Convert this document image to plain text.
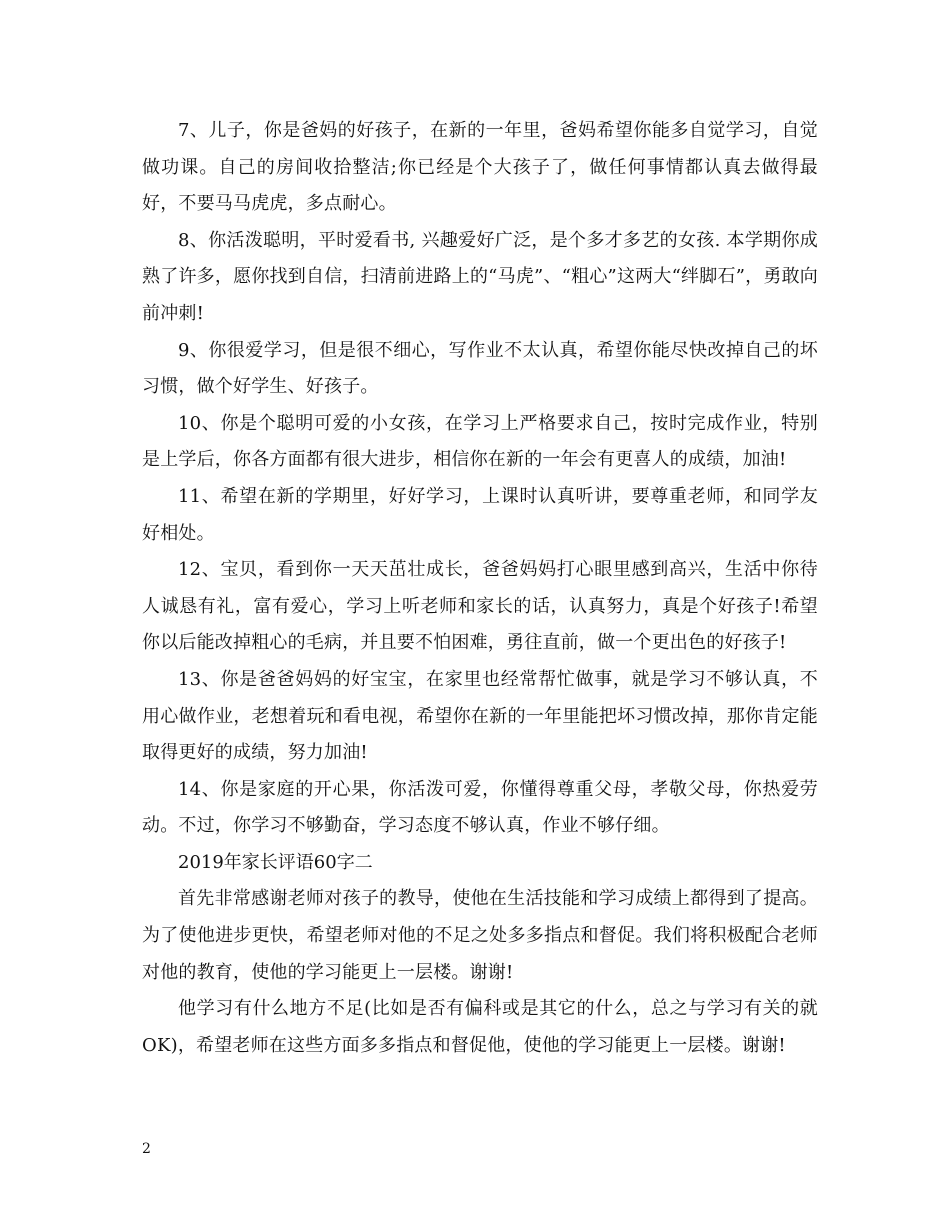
7、儿子，你是爸妈的好孩子，在新的一年里，爸妈希望你能多自觉学习，自觉做功课。自己的房间收拾整洁;你已经是个大孩子了，做任何事情都认真去做得最好，不要马马虎虎，多点耐心。

8、你活泼聪明，平时爱看书, 兴趣爱好广泛，是个多才多艺的女孩. 本学期你成熟了许多，愿你找到自信，扫清前进路上的“马虎”、“粗心”这两大“绊脚石”，勇敢向前冲刺!

9、你很爱学习，但是很不细心，写作业不太认真，希望你能尽快改掉自己的坏习惯，做个好学生、好孩子。

10、你是个聪明可爱的小女孩，在学习上严格要求自己，按时完成作业，特别是上学后，你各方面都有很大进步，相信你在新的一年会有更喜人的成绩，加油!

11、希望在新的学期里，好好学习，上课时认真听讲，要尊重老师，和同学友好相处。

12、宝贝，看到你一天天茁壮成长，爸爸妈妈打心眼里感到高兴，生活中你待人诚恳有礼，富有爱心，学习上听老师和家长的话，认真努力，真是个好孩子!希望你以后能改掉粗心的毛病，并且要不怕困难，勇往直前，做一个更出色的好孩子!

13、你是爸爸妈妈的好宝宝，在家里也经常帮忙做事，就是学习不够认真，不用心做作业，老想着玩和看电视，希望你在新的一年里能把坏习惯改掉，那你肯定能取得更好的成绩，努力加油!

14、你是家庭的开心果，你活泼可爱，你懂得尊重父母，孝敬父母，你热爱劳动。不过，你学习不够勤奋，学习态度不够认真，作业不够仔细。

2019年家长评语60字二

首先非常感谢老师对孩子的教导，使他在生活技能和学习成绩上都得到了提高。为了使他进步更快，希望老师对他的不足之处多多指点和督促。我们将积极配合老师对他的教育，使他的学习能更上一层楼。谢谢!

他学习有什么地方不足(比如是否有偏科或是其它的什么，总之与学习有关的就OK)，希望老师在这些方面多多指点和督促他，使他的学习能更上一层楼。谢谢!

2
